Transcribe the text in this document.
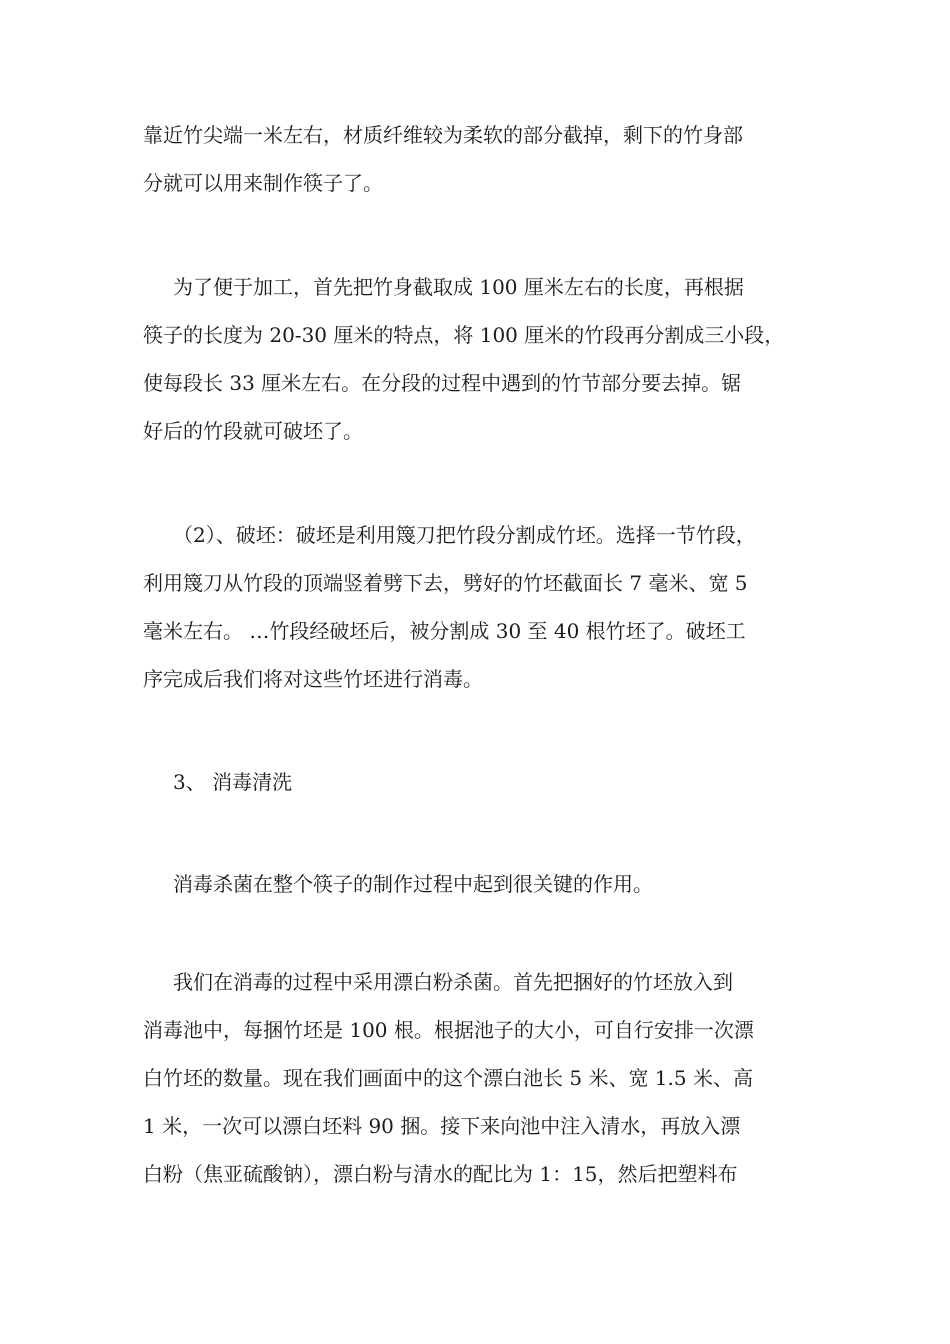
靠近竹尖端一米左右，材质纤维较为柔软的部分截掉，剩下的竹身部
分就可以用来制作筷子了。
为了便于加工，首先把竹身截取成 100 厘米左右的长度，再根据
筷子的长度为 20-30 厘米的特点，将 100 厘米的竹段再分割成三小段，
使每段长 33 厘米左右。在分段的过程中遇到的竹节部分要去掉。锯
好后的竹段就可破坯了。
（2）、破坯：破坯是利用篾刀把竹段分割成竹坯。选择一节竹段，
利用篾刀从竹段的顶端竖着劈下去，劈好的竹坯截面长 7 毫米、宽 5
毫米左右。 …竹段经破坯后，被分割成 30 至 40 根竹坯了。破坯工
序完成后我们将对这些竹坯进行消毒。
3、 消毒清洗
消毒杀菌在整个筷子的制作过程中起到很关键的作用。
我们在消毒的过程中采用漂白粉杀菌。首先把捆好的竹坯放入到
消毒池中，每捆竹坯是 100 根。根据池子的大小，可自行安排一次漂
白竹坯的数量。现在我们画面中的这个漂白池长 5 米、宽 1.5 米、高
1 米，一次可以漂白坯料 90 捆。接下来向池中注入清水，再放入漂
白粉（焦亚硫酸钠），漂白粉与清水的配比为 1：15，然后把塑料布
